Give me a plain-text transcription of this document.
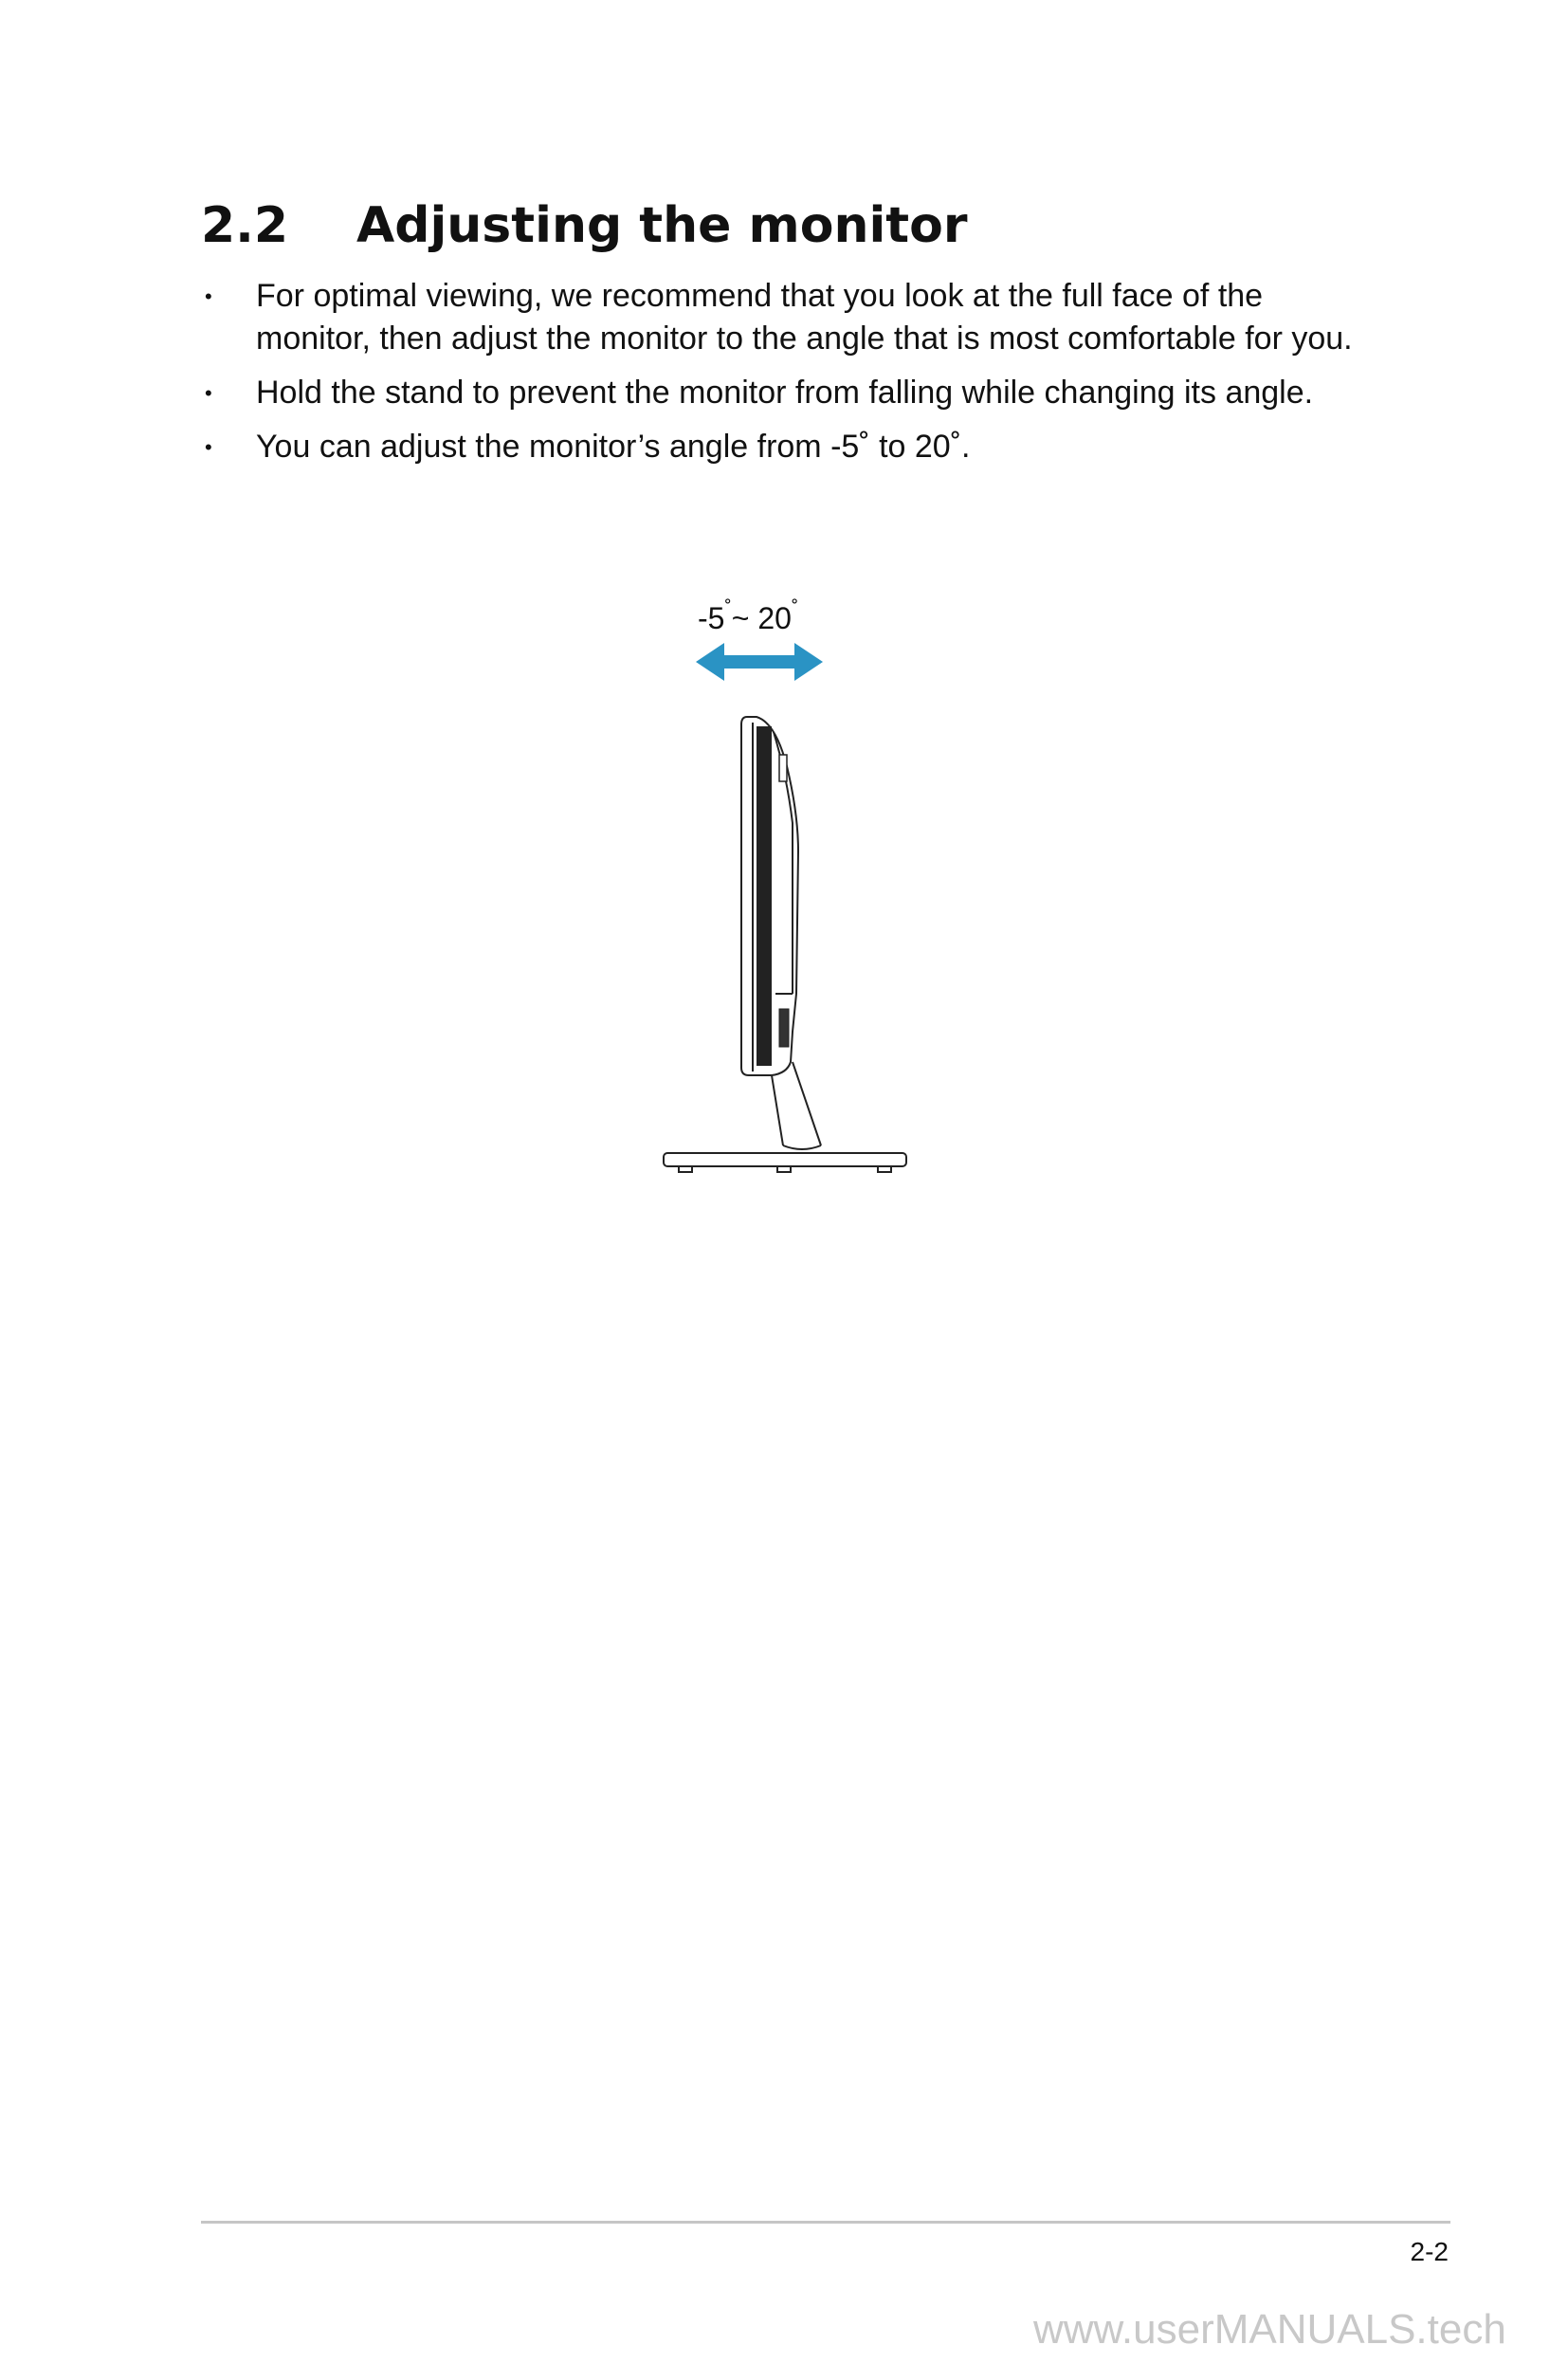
2.2 Adjusting the monitor
• For optimal viewing, we recommend that you look at the full face of the monitor, then adjust the monitor to the angle that is most comfortable for you.
• Hold the stand to prevent the monitor from falling while changing its angle.
• You can adjust the monitor’s angle from -5˚ to 20˚.
-5˚~ 20˚
2-2
www.userMANUALS.tech
